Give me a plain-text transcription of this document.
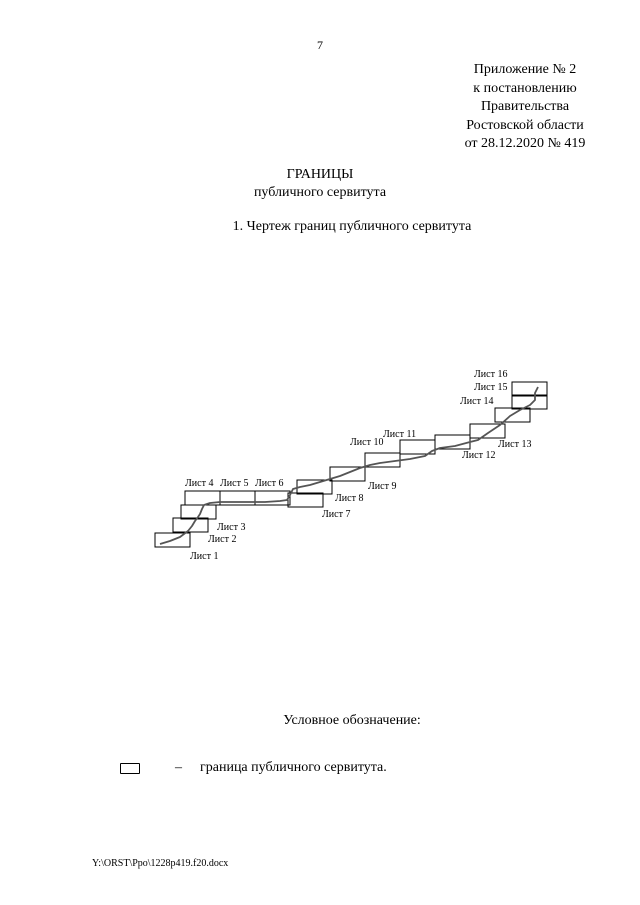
7
Приложение № 2
к постановлению
Правительства
Ростовской области
от 28.12.2020 № 419
ГРАНИЦЫ
публичного сервитута
1. Чертеж границ публичного сервитута
Лист 1
Лист 2
Лист 3
Лист 4 Лист 5 Лист 6
Лист 7
Лист 8
Лист 9
Лист 10
Лист 11
Лист 12
Лист 13
Лист 14
Лист 15
Лист 16
Условное обозначение:
– граница публичного сервитута.
Y:\ORST\Ppo\1228p419.f20.docx
